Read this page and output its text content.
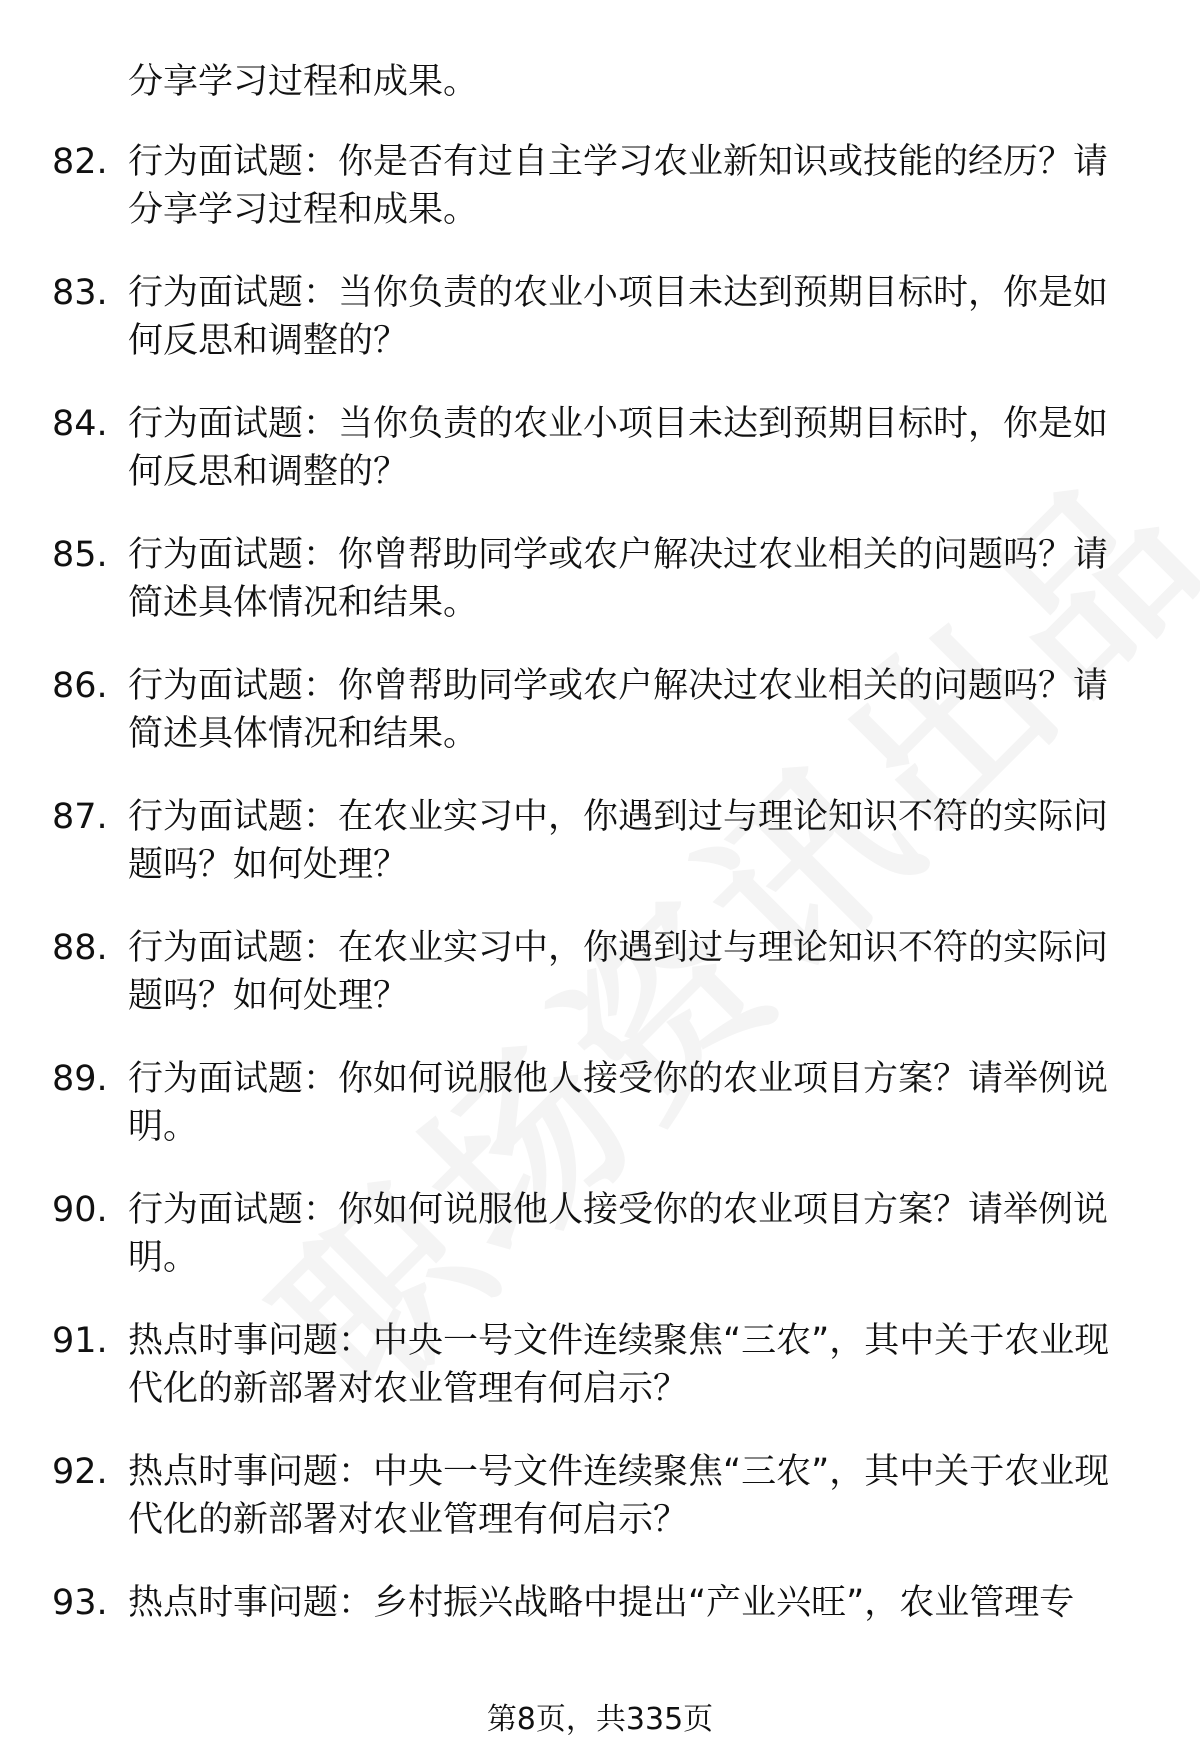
分享学习过程和成果。
82. 行为面试题：你是否有过自主学习农业新知识或技能的经历？请分享学习过程和成果。
83. 行为面试题：当你负责的农业小项目未达到预期目标时，你是如何反思和调整的？
84. 行为面试题：当你负责的农业小项目未达到预期目标时，你是如何反思和调整的？
85. 行为面试题：你曾帮助同学或农户解决过农业相关的问题吗？请简述具体情况和结果。
86. 行为面试题：你曾帮助同学或农户解决过农业相关的问题吗？请简述具体情况和结果。
87. 行为面试题：在农业实习中，你遇到过与理论知识不符的实际问题吗？如何处理？
88. 行为面试题：在农业实习中，你遇到过与理论知识不符的实际问题吗？如何处理？
89. 行为面试题：你如何说服他人接受你的农业项目方案？请举例说明。
90. 行为面试题：你如何说服他人接受你的农业项目方案？请举例说明。
91. 热点时事问题：中央一号文件连续聚焦“三农”，其中关于农业现代化的新部署对农业管理有何启示？
92. 热点时事问题：中央一号文件连续聚焦“三农”，其中关于农业现代化的新部署对农业管理有何启示？
93. 热点时事问题：乡村振兴战略中提出“产业兴旺”，农业管理专
第8页，共335页
